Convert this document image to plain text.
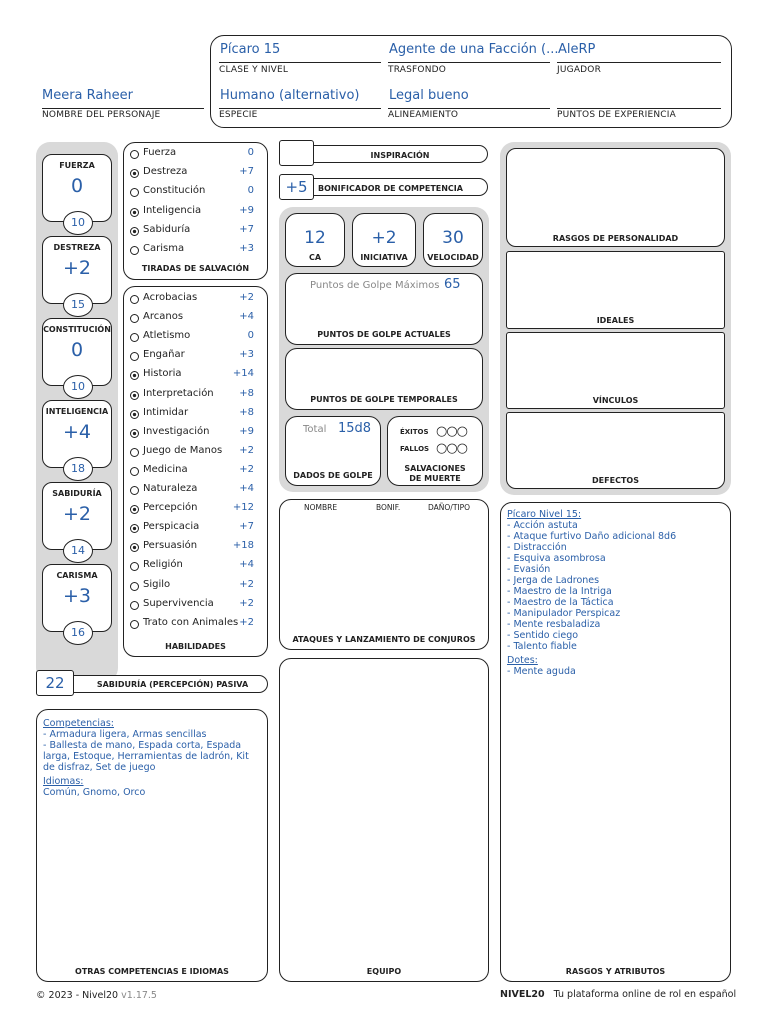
Meera Raheer
NOMBRE DEL PERSONAJE
Pícaro 15
CLASE Y NIVEL
Agente de una Facción (...
TRASFONDO
AleRP
JUGADOR
Humano (alternativo)
ESPECIE
Legal bueno
ALINEAMIENTO	PUNTOS DE EXPERIENCIA
FUERZA
0
10
DESTREZA
+2
15
CONSTITUCIÓN
0
10
INTELIGENCIA
+4
18
SABIDURÍA
+2
14
CARISMA
+3
16
Fuerza	0
Destreza	+7
Constitución	0
Inteligencia	+9
Sabiduría	+7
Carisma	+3
TIRADAS DE SALVACIÓN
Acrobacias	+2
Arcanos	+4
Atletismo	0
Engañar	+3
Historia	+14
Interpretación	+8
Intimidar	+8
Investigación	+9
Juego de Manos +2
Medicina	+2
Naturaleza	+4
Percepción	+12
Perspicacia	+7
Persuasión	+18
Religión	+4
Sigilo	+2
Supervivencia	+2
Trato con Animales +2
HABILIDADES
22	SABIDURÍA (PERCEPCIÓN) PASIVA
Competencias:
- Armadura ligera, Armas sencillas
- Ballesta de mano, Espada corta, Espada larga, Estoque, Herramientas de ladrón, Kit de disfraz, Set de juego
Idiomas:
Común, Gnomo, Orco
OTRAS COMPETENCIAS E IDIOMAS
INSPIRACIÓN
+5	BONIFICADOR DE COMPETENCIA
12
CA
+2
INICIATIVA
30
VELOCIDAD
Puntos de Golpe Máximos 65
PUNTOS DE GOLPE ACTUALES
PUNTOS DE GOLPE TEMPORALES
Total 15d8
DADOS DE GOLPE
ÉXITOS ○○○
FALLOS ○○○
SALVACIONES
DE MUERTE
NOMBRE	BONIF.	DAÑO/TIPO
ATAQUES Y LANZAMIENTO DE CONJUROS
EQUIPO
RASGOS DE PERSONALIDAD
IDEALES
VÍNCULOS
DEFECTOS
Pícaro Nivel 15:
- Acción astuta
- Ataque furtivo Daño adicional 8d6
- Distracción
- Esquiva asombrosa
- Evasión
- Jerga de Ladrones
- Maestro de la Intriga
- Maestro de la Táctica
- Manipulador Perspicaz
- Mente resbaladiza
- Sentido ciego
- Talento fiable
Dotes:
- Mente aguda
RASGOS Y ATRIBUTOS
© 2023 - Nivel20 v1.17.5	NIVEL20 Tu plataforma online de rol en español
